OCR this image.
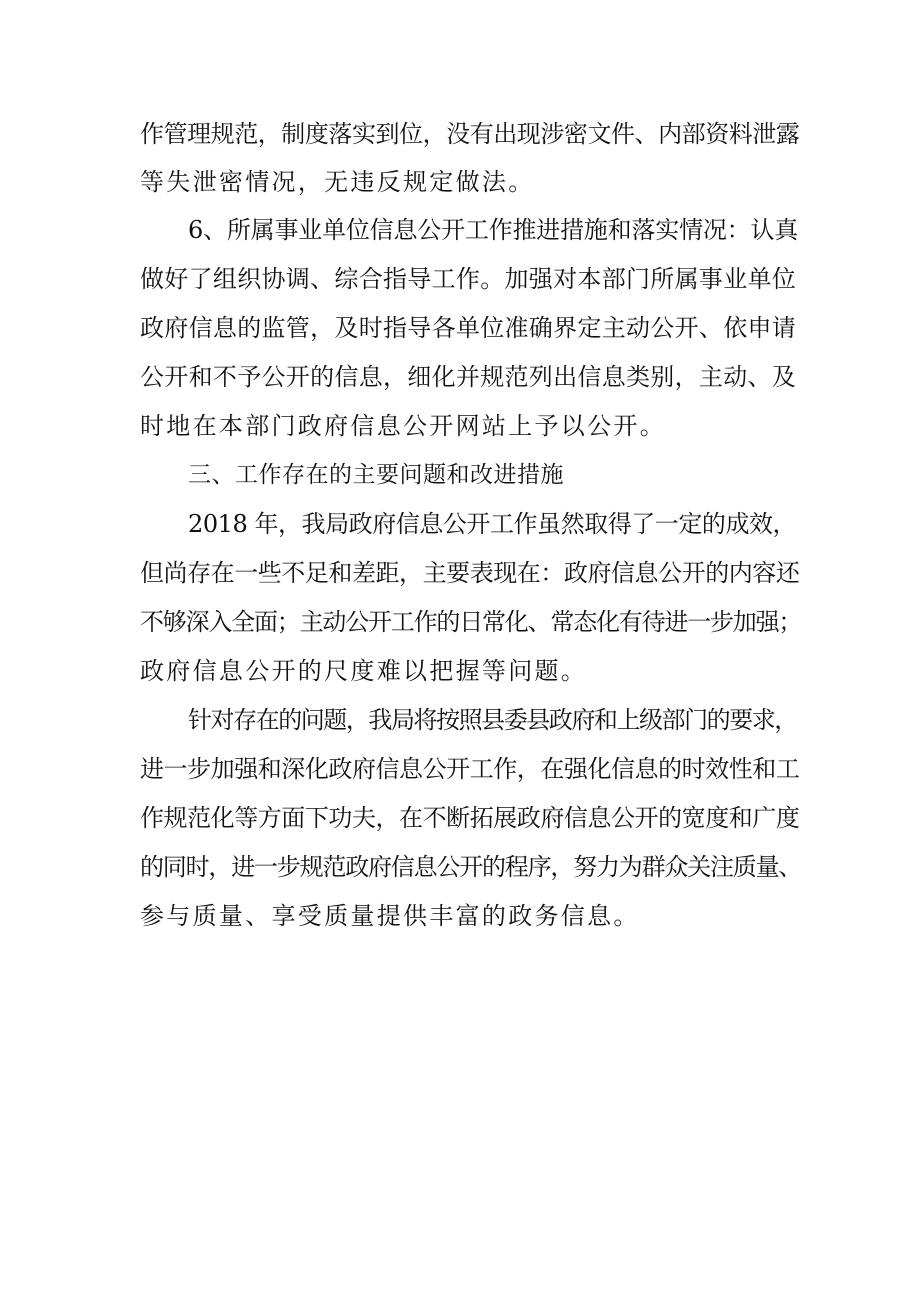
作管理规范，制度落实到位，没有出现涉密文件、内部资料泄露
等失泄密情况，无违反规定做法。
6、所属事业单位信息公开工作推进措施和落实情况：认真
做好了组织协调、综合指导工作。加强对本部门所属事业单位
政府信息的监管，及时指导各单位准确界定主动公开、依申请
公开和不予公开的信息，细化并规范列出信息类别，主动、及
时地在本部门政府信息公开网站上予以公开。
三、工作存在的主要问题和改进措施
2018 年，我局政府信息公开工作虽然取得了一定的成效，
但尚存在一些不足和差距，主要表现在：政府信息公开的内容还
不够深入全面；主动公开工作的日常化、常态化有待进一步加强；
政府信息公开的尺度难以把握等问题。
针对存在的问题，我局将按照县委县政府和上级部门的要求，
进一步加强和深化政府信息公开工作，在强化信息的时效性和工
作规范化等方面下功夫，在不断拓展政府信息公开的宽度和广度
的同时，进一步规范政府信息公开的程序，努力为群众关注质量、
参与质量、享受质量提供丰富的政务信息。
